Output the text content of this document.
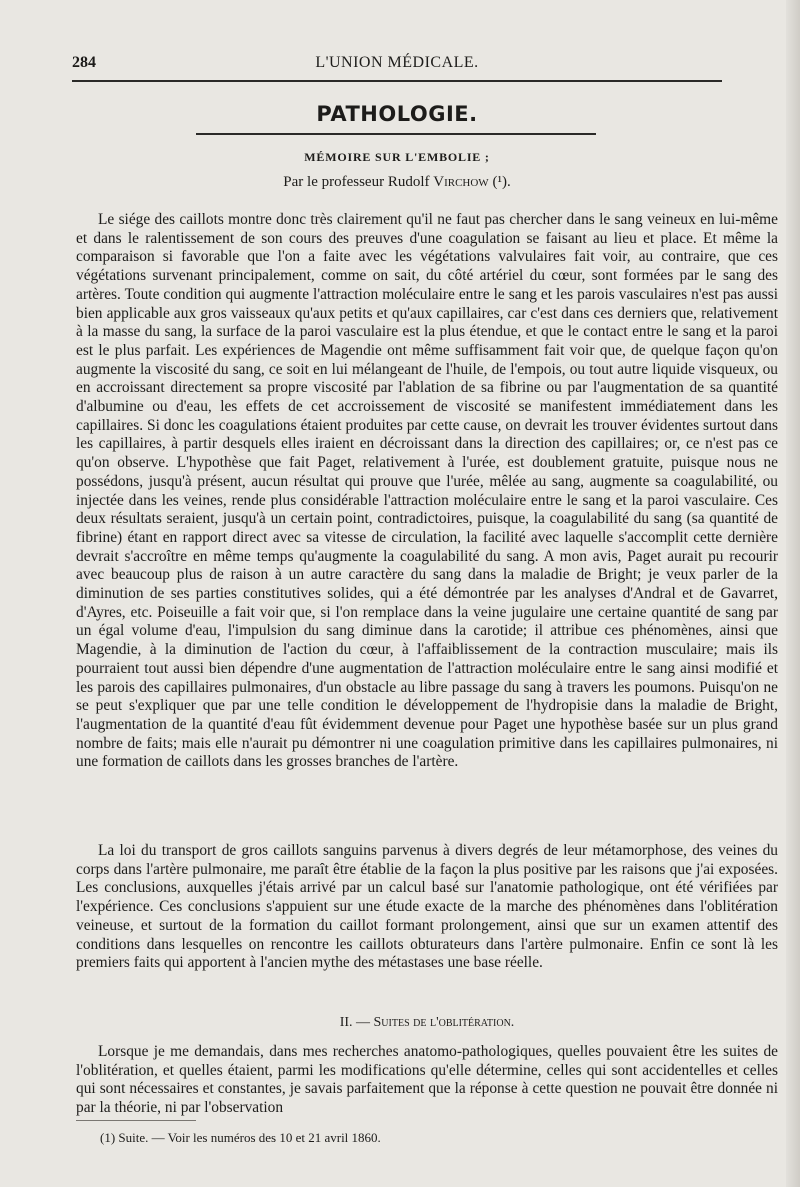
284	L'UNION MÉDICALE.
PATHOLOGIE.
MÉMOIRE SUR L'EMBOLIE ;
Par le professeur Rudolf Virchow (¹).

Le siége des caillots montre donc très clairement qu'il ne faut pas chercher dans le sang veineux en lui-même et dans le ralentissement de son cours des preuves d'une coagulation se faisant au lieu et place. Et même la comparaison si favorable que l'on a faite avec les végétations valvulaires fait voir, au contraire, que ces végétations survenant principalement, comme on sait, du côté artériel du cœur, sont formées par le sang des artères. Toute condition qui augmente l'attraction moléculaire entre le sang et les parois vasculaires n'est pas aussi bien applicable aux gros vaisseaux qu'aux petits et qu'aux capillaires, car c'est dans ces derniers que, relativement à la masse du sang, la surface de la paroi vasculaire est la plus étendue, et que le contact entre le sang et la paroi est le plus parfait. Les expériences de Magendie ont même suffisamment fait voir que, de quelque façon qu'on augmente la viscosité du sang, ce soit en lui mélangeant de l'huile, de l'empois, ou tout autre liquide visqueux, ou en accroissant directement sa propre viscosité par l'ablation de sa fibrine ou par l'augmentation de sa quantité d'albumine ou d'eau, les effets de cet accroissement de viscosité se manifestent immédiatement dans les capillaires. Si donc les coagulations étaient produites par cette cause, on devrait les trouver évidentes surtout dans les capillaires, à partir desquels elles iraient en décroissant dans la direction des capillaires; or, ce n'est pas ce qu'on observe. L'hypothèse que fait Paget, relativement à l'urée, est doublement gratuite, puisque nous ne possédons, jusqu'à présent, aucun résultat qui prouve que l'urée, mêlée au sang, augmente sa coagulabilité, ou injectée dans les veines, rende plus considérable l'attraction moléculaire entre le sang et la paroi vasculaire. Ces deux résultats seraient, jusqu'à un certain point, contradictoires, puisque, la coagulabilité du sang (sa quantité de fibrine) étant en rapport direct avec sa vitesse de circulation, la facilité avec laquelle s'accomplit cette dernière devrait s'accroître en même temps qu'augmente la coagulabilité du sang. A mon avis, Paget aurait pu recourir avec beaucoup plus de raison à un autre caractère du sang dans la maladie de Bright; je veux parler de la diminution de ses parties constitutives solides, qui a été démontrée par les analyses d'Andral et de Gavarret, d'Ayres, etc. Poiseuille a fait voir que, si l'on remplace dans la veine jugulaire une certaine quantité de sang par un égal volume d'eau, l'impulsion du sang diminue dans la carotide; il attribue ces phénomènes, ainsi que Magendie, à la diminution de l'action du cœur, à l'affaiblissement de la contraction musculaire; mais ils pourraient tout aussi bien dépendre d'une augmentation de l'attraction moléculaire entre le sang ainsi modifié et les parois des capillaires pulmonaires, d'un obstacle au libre passage du sang à travers les poumons. Puisqu'on ne se peut s'expliquer que par une telle condition le développement de l'hydropisie dans la maladie de Bright, l'augmentation de la quantité d'eau fût évidemment devenue pour Paget une hypothèse basée sur un plus grand nombre de faits; mais elle n'aurait pu démontrer ni une coagulation primitive dans les capillaires pulmonaires, ni une formation de caillots dans les grosses branches de l'artère.

La loi du transport de gros caillots sanguins parvenus à divers degrés de leur métamorphose, des veines du corps dans l'artère pulmonaire, me paraît être établie de la façon la plus positive par les raisons que j'ai exposées. Les conclusions, auxquelles j'étais arrivé par un calcul basé sur l'anatomie pathologique, ont été vérifiées par l'expérience. Ces conclusions s'appuient sur une étude exacte de la marche des phénomènes dans l'oblitération veineuse, et surtout de la formation du caillot formant prolongement, ainsi que sur un examen attentif des conditions dans lesquelles on rencontre les caillots obturateurs dans l'artère pulmonaire. Enfin ce sont là les premiers faits qui apportent à l'ancien mythe des métastases une base réelle.

II. — Suites de l'oblitération.

Lorsque je me demandais, dans mes recherches anatomo-pathologiques, quelles pouvaient être les suites de l'oblitération, et quelles étaient, parmi les modifications qu'elle détermine, celles qui sont accidentelles et celles qui sont nécessaires et constantes, je savais parfaitement que la réponse à cette question ne pouvait être donnée ni par la théorie, ni par l'observation

(1) Suite. — Voir les numéros des 10 et 21 avril 1860.
